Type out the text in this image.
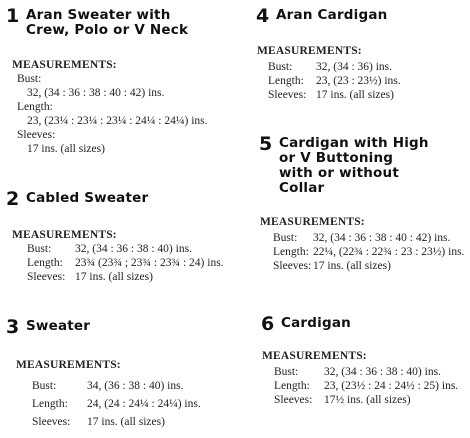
1 Aran Sweater with
Crew, Polo or V Neck
MEASUREMENTS:
Bust:
32, (34 : 36 : 38 : 40 : 42) ins.
Length:
23, (23¼ : 23¼ : 23¼ : 24¼ : 24¼) ins.
Sleeves:
17 ins. (all sizes)
2 Cabled Sweater
MEASUREMENTS:
Bust:	32, (34 : 36 : 38 : 40) ins.
Length:	23¾ (23¾ ; 23¾ : 23¾ : 24) ins.
Sleeves: 17 ins. (all sizes)
3 Sweater
MEASUREMENTS:
Bust:	34, (36 : 38 : 40) ins.
Length:	24, (24 : 24¼ : 24¼) ins.
Sleeves:	17 ins. (all sizes)
4 Aran Cardigan
MEASUREMENTS:
Bust:	32, (34 : 36) ins.
Length:	23, (23 : 23½) ins.
Sleeves: 17 ins. (all sizes)
5 Cardigan with High
or V Buttoning
with or without
Collar
MEASUREMENTS:
Bust:	32, (34 : 36 : 38 : 40 : 42) ins.
Length: 22¼, (22¾ : 22¾ : 23 : 23½) ins.
Sleeves: 17 ins. (all sizes)
6 Cardigan
MEASUREMENTS:
Bust:	32, (34 : 36 : 38 : 40) ins.
Length:	23, (23½ : 24 : 24½ : 25) ins.
Sleeves:	17½ ins. (all sizes)
